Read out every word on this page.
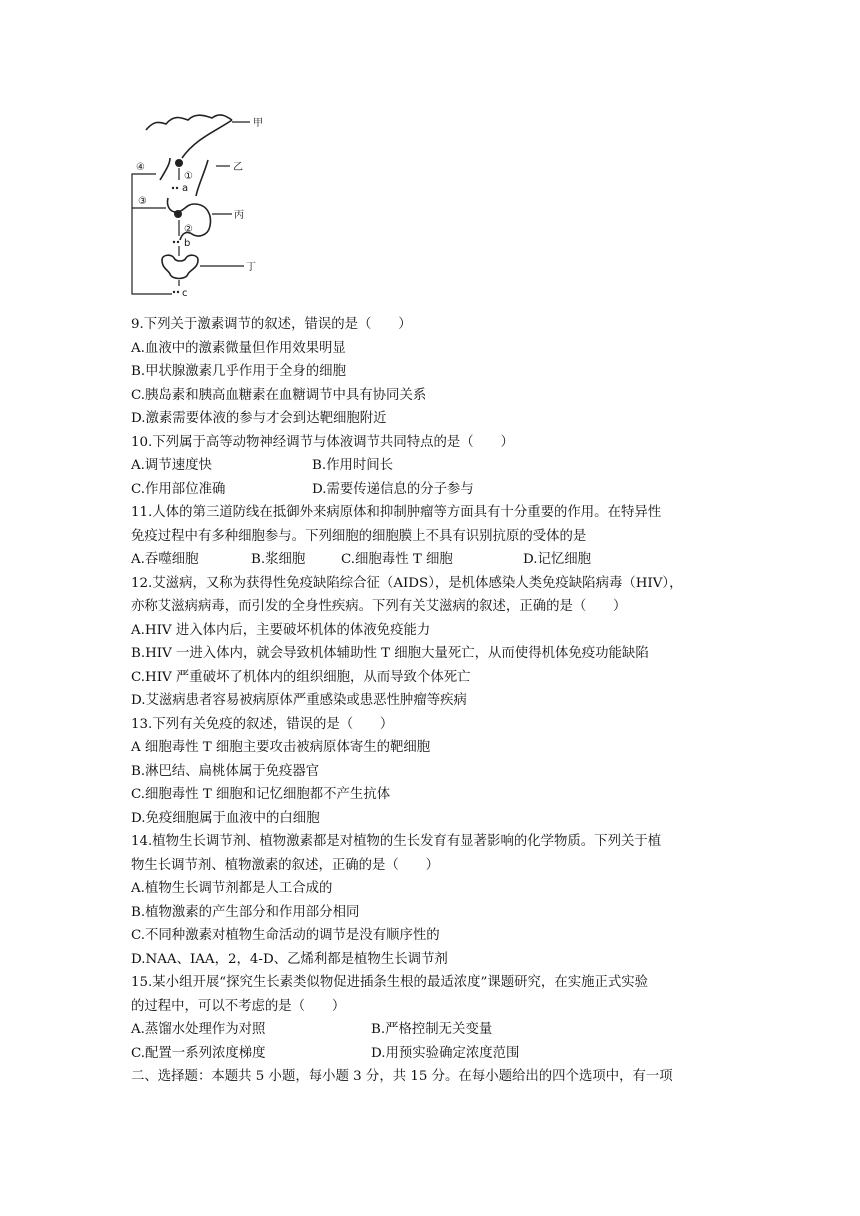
甲
乙
a
①
丙
②
b
丁
c
④
③
9.下列关于激素调节的叙述，错误的是（　　）
A.血液中的激素微量但作用效果明显
B.甲状腺激素几乎作用于全身的细胞
C.胰岛素和胰高血糖素在血糖调节中具有协同关系
D.激素需要体液的参与才会到达靶细胞附近
10.下列属于高等动物神经调节与体液调节共同特点的是（　　）
A.调节速度快	B.作用时间长
C.作用部位准确	D.需要传递信息的分子参与
11.人体的第三道防线在抵御外来病原体和抑制肿瘤等方面具有十分重要的作用。在特异性
免疫过程中有多种细胞参与。下列细胞的细胞膜上不具有识别抗原的受体的是
A.吞噬细胞	B.浆细胞	C.细胞毒性 T 细胞	D.记忆细胞
12.艾滋病，又称为获得性免疫缺陷综合征（AIDS），是机体感染人类免疫缺陷病毒（HIV），
亦称艾滋病病毒，而引发的全身性疾病。下列有关艾滋病的叙述，正确的是（　　）
A.HIV 进入体内后，主要破坏机体的体液免疫能力
B.HIV 一进入体内，就会导致机体辅助性 T 细胞大量死亡，从而使得机体免疫功能缺陷
C.HIV 严重破坏了机体内的组织细胞，从而导致个体死亡
D.艾滋病患者容易被病原体严重感染或患恶性肿瘤等疾病
13.下列有关免疫的叙述，错误的是（　　）
A 细胞毒性 T 细胞主要攻击被病原体寄生的靶细胞
B.淋巴结、扁桃体属于免疫器官
C.细胞毒性 T 细胞和记忆细胞都不产生抗体
D.免疫细胞属于血液中的白细胞
14.植物生长调节剂、植物激素都是对植物的生长发育有显著影响的化学物质。下列关于植
物生长调节剂、植物激素的叙述，正确的是（　　）
A.植物生长调节剂都是人工合成的
B.植物激素的产生部分和作用部分相同
C.不同种激素对植物生命活动的调节是没有顺序性的
D.NAA、IAA，2，4-D、乙烯利都是植物生长调节剂
15.某小组开展“探究生长素类似物促进插条生根的最适浓度”课题研究，在实施正式实验
的过程中，可以不考虑的是（　　）
A.蒸馏水处理作为对照	B.严格控制无关变量
C.配置一系列浓度梯度	D.用预实验确定浓度范围
二、选择题：本题共 5 小题，每小题 3 分，共 15 分。在每小题给出的四个选项中，有一项
